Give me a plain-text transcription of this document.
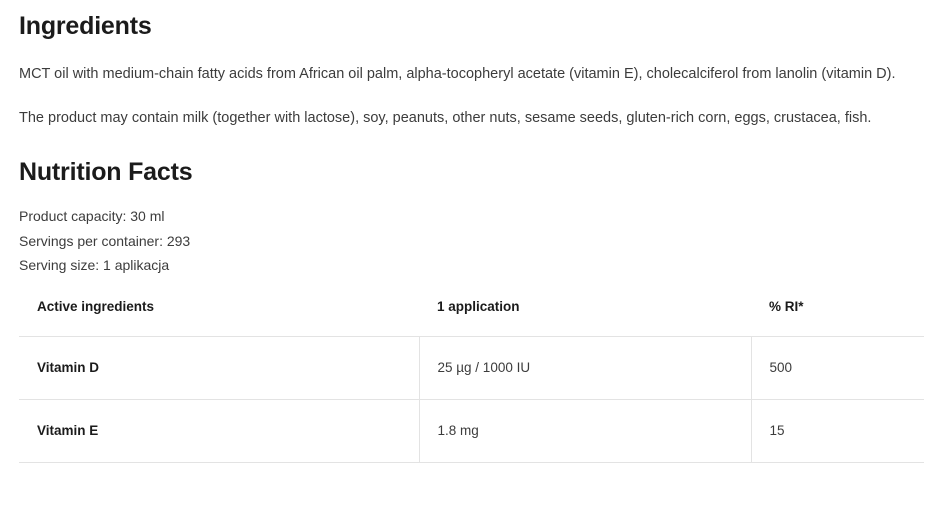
Ingredients

MCT oil with medium-chain fatty acids from African oil palm, alpha-tocopheryl acetate (vitamin E), cholecalciferol from lanolin (vitamin D).

The product may contain milk (together with lactose), soy, peanuts, other nuts, sesame seeds, gluten-rich corn, eggs, crustacea, fish.

Nutrition Facts
Product capacity: 30 ml
Servings per container: 293
Serving size: 1 aplikacja
Active ingredients	1 application	% RI*
Vitamin D	25 µg / 1000 IU	500
Vitamin E	1.8 mg	15
